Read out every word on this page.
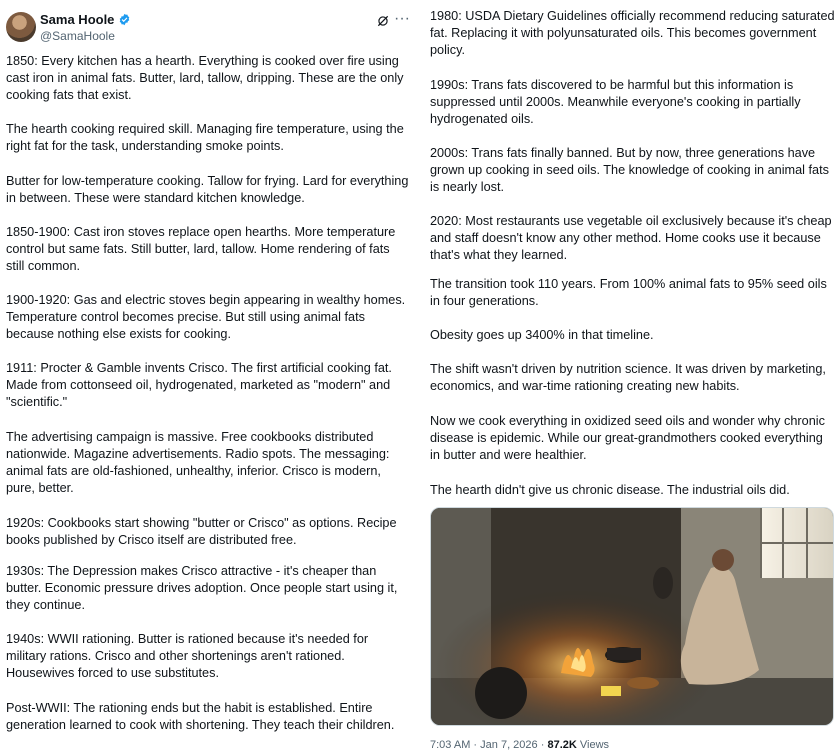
Sama Hoole
@SamaHoole
···

1850: Every kitchen has a hearth. Everything is cooked over fire using cast iron in animal fats. Butter, lard, tallow, dripping. These are the only cooking fats that exist.

The hearth cooking required skill. Managing fire temperature, using the right fat for the task, understanding smoke points.

Butter for low-temperature cooking. Tallow for frying. Lard for everything in between. These were standard kitchen knowledge.

1850-1900: Cast iron stoves replace open hearths. More temperature control but same fats. Still butter, lard, tallow. Home rendering of fats still common.

1900-1920: Gas and electric stoves begin appearing in wealthy homes. Temperature control becomes precise. But still using animal fats because nothing else exists for cooking.

1911: Procter & Gamble invents Crisco. The first artificial cooking fat. Made from cottonseed oil, hydrogenated, marketed as "modern" and "scientific."

The advertising campaign is massive. Free cookbooks distributed nationwide. Magazine advertisements. Radio spots. The messaging: animal fats are old-fashioned, unhealthy, inferior. Crisco is modern, pure, better.

1920s: Cookbooks start showing "butter or Crisco" as options. Recipe books published by Crisco itself are distributed free.

1930s: The Depression makes Crisco attractive - it's cheaper than butter. Economic pressure drives adoption. Once people start using it, they continue.

1940s: WWII rationing. Butter is rationed because it's needed for military rations. Crisco and other shortenings aren't rationed. Housewives forced to use substitutes.

Post-WWII: The rationing ends but the habit is established. Entire generation learned to cook with shortening. They teach their children.

1980: USDA Dietary Guidelines officially recommend reducing saturated fat. Replacing it with polyunsaturated oils. This becomes government policy.

1990s: Trans fats discovered to be harmful but this information is suppressed until 2000s. Meanwhile everyone's cooking in partially hydrogenated oils.

2000s: Trans fats finally banned. But by now, three generations have grown up cooking in seed oils. The knowledge of cooking in animal fats is nearly lost.

2020: Most restaurants use vegetable oil exclusively because it's cheap and staff doesn't know any other method. Home cooks use it because that's what they learned.

The transition took 110 years. From 100% animal fats to 95% seed oils in four generations.

Obesity goes up 3400% in that timeline.

The shift wasn't driven by nutrition science. It was driven by marketing, economics, and war-time rationing creating new habits.

Now we cook everything in oxidized seed oils and wonder why chronic disease is epidemic. While our great-grandmothers cooked everything in butter and were healthier.

The hearth didn't give us chronic disease. The industrial oils did.

7:03 AM · Jan 7, 2026 · 87.2K Views
